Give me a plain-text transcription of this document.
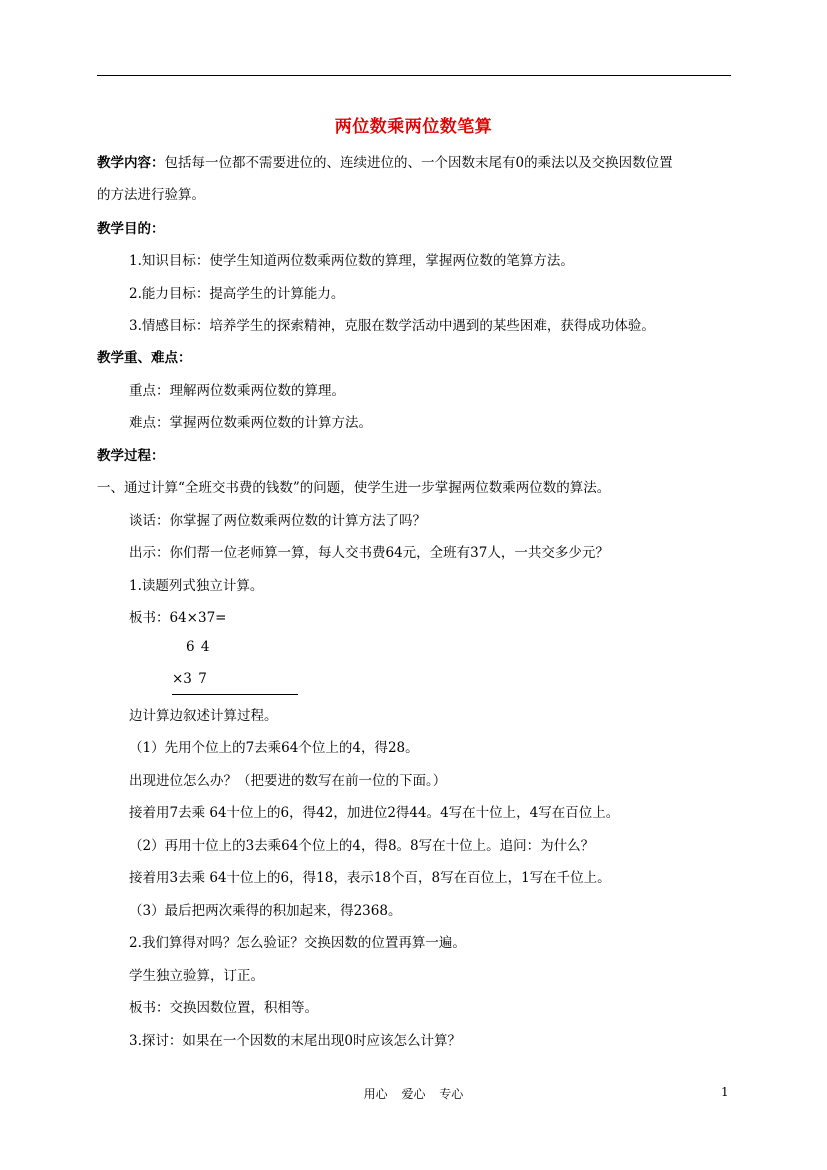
两位数乘两位数笔算
教学内容：包括每一位都不需要进位的、连续进位的、一个因数末尾有0的乘法以及交换因数位置
的方法进行验算。
教学目的：
1.知识目标：使学生知道两位数乘两位数的算理，掌握两位数的笔算方法。
2.能力目标：提高学生的计算能力。
3.情感目标：培养学生的探索精神，克服在数学活动中遇到的某些困难，获得成功体验。
教学重、难点：
重点：理解两位数乘两位数的算理。
难点：掌握两位数乘两位数的计算方法。
教学过程：
一、通过计算“全班交书费的钱数”的问题，使学生进一步掌握两位数乘两位数的算法。
谈话：你掌握了两位数乘两位数的计算方法了吗？
出示：你们帮一位老师算一算，每人交书费64元，全班有37人，一共交多少元？
1.读题列式独立计算。
板书：64×37=
6 4
×3 7
边计算边叙述计算过程。
（1）先用个位上的7去乘64个位上的4，得28。
出现进位怎么办？（把要进的数写在前一位的下面。）
接着用7去乘 64十位上的6，得42，加进位2得44。4写在十位上，4写在百位上。
（2）再用十位上的3去乘64个位上的4，得8。8写在十位上。追问：为什么？
接着用3去乘 64十位上的6，得18，表示18个百，8写在百位上，1写在千位上。
（3）最后把两次乘得的积加起来，得2368。
2.我们算得对吗？怎么验证？交换因数的位置再算一遍。
学生独立验算，订正。
板书：交换因数位置，积相等。
3.探讨：如果在一个因数的末尾出现0时应该怎么计算？
用心 爱心 专心	1
